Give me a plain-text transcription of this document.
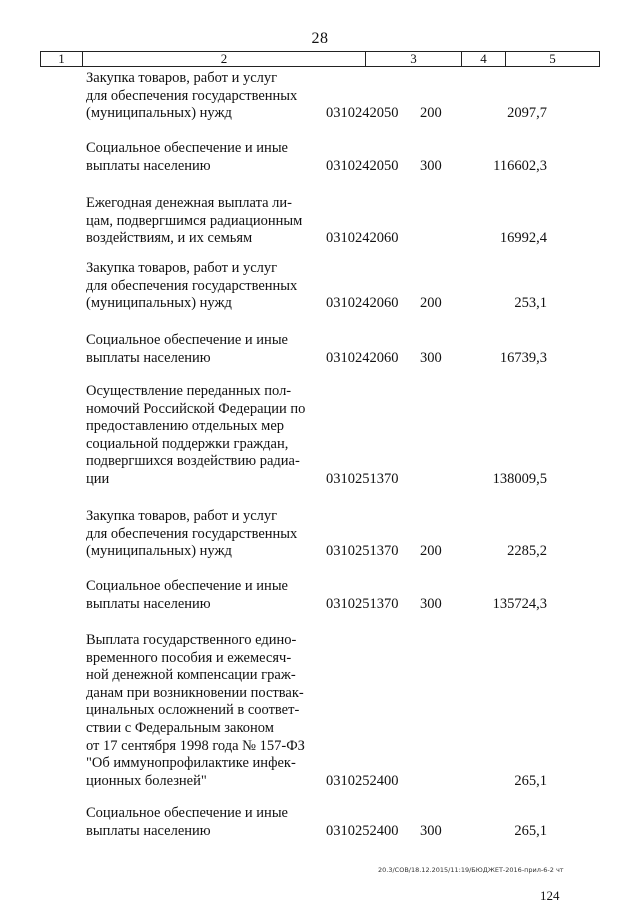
28
1	2	3	4	5
Закупка товаров, работ и услуг
для обеспечения государственных
(муниципальных) нужд	0310242050 200	2097,7
Социальное обеспечение и иные
выплаты населению	0310242050 300	116602,3
Ежегодная денежная выплата ли-
цам, подвергшимся радиационным
воздействиям, и их семьям	0310242060	16992,4
Закупка товаров, работ и услуг
для обеспечения государственных
(муниципальных) нужд	0310242060 200	253,1
Социальное обеспечение и иные
выплаты населению	0310242060 300	16739,3
Осуществление переданных пол-
номочий Российской Федерации по
предоставлению отдельных мер
социальной поддержки граждан,
подвергшихся воздействию радиа-
ции	0310251370	138009,5
Закупка товаров, работ и услуг
для обеспечения государственных
(муниципальных) нужд	0310251370 200	2285,2
Социальное обеспечение и иные
выплаты населению	0310251370 300	135724,3
Выплата государственного едино-
временного пособия и ежемесяч-
ной денежной компенсации граж-
данам при возникновении поствак-
цинальных осложнений в соответ-
ствии с Федеральным законом
от 17 сентября 1998 года № 157-ФЗ
"Об иммунопрофилактике инфек-
ционных болезней"	0310252400	265,1
Социальное обеспечение и иные
выплаты населению	0310252400 300	265,1
20.3/СОВ/18.12.2015/11:19/БЮДЖЕТ-2016-прил-6-2 чт
124
